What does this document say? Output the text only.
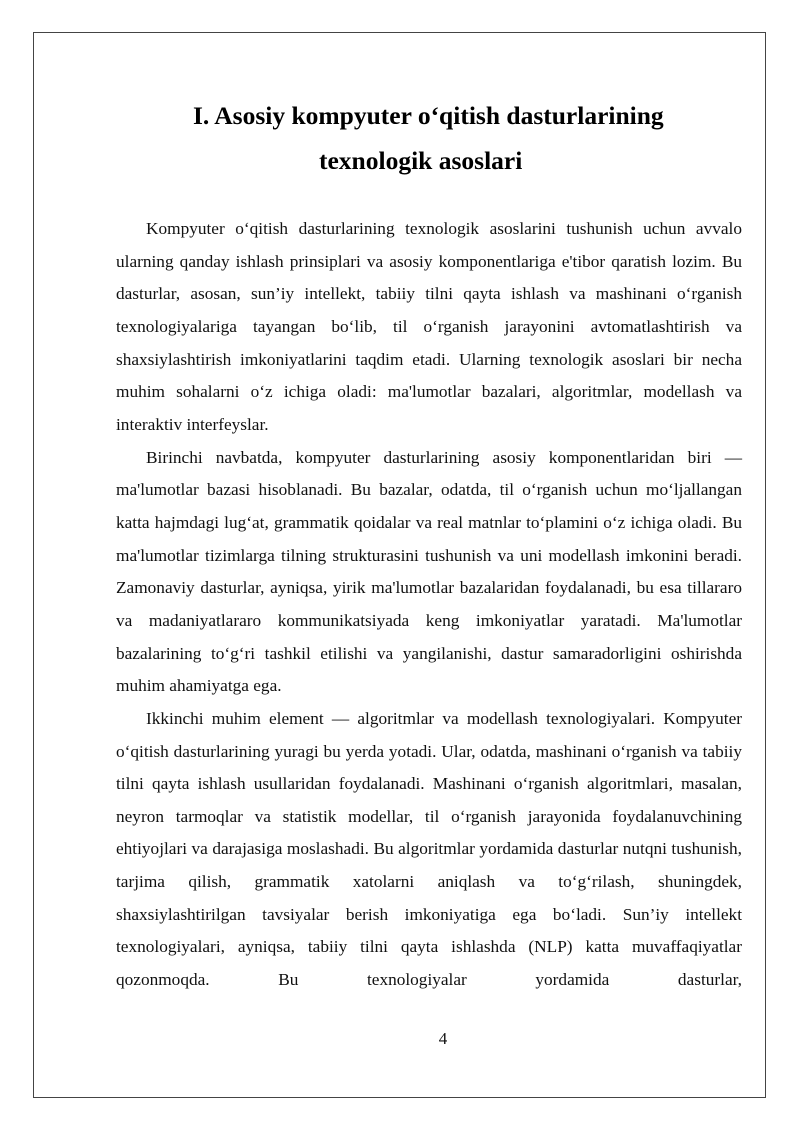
I. Asosiy kompyuter o‘qitish dasturlarining
texnologik asoslari

Kompyuter o‘qitish dasturlarining texnologik asoslarini tushunish uchun avvalo ularning qanday ishlash prinsiplari va asosiy komponentlariga e'tibor qaratish lozim. Bu dasturlar, asosan, sun’iy intellekt, tabiiy tilni qayta ishlash va mashinani o‘rganish texnologiyalariga tayangan bo‘lib, til o‘rganish jarayonini avtomatlashtirish va shaxsiylashtirish imkoniyatlarini taqdim etadi. Ularning texnologik asoslari bir necha muhim sohalarni o‘z ichiga oladi: ma'lumotlar bazalari, algoritmlar, modellash va interaktiv interfeyslar.

Birinchi navbatda, kompyuter dasturlarining asosiy komponentlaridan biri — ma'lumotlar bazasi hisoblanadi. Bu bazalar, odatda, til o‘rganish uchun mo‘ljallangan katta hajmdagi lug‘at, grammatik qoidalar va real matnlar to‘plamini o‘z ichiga oladi. Bu ma'lumotlar tizimlarga tilning strukturasini tushunish va uni modellash imkonini beradi. Zamonaviy dasturlar, ayniqsa, yirik ma'lumotlar bazalaridan foydalanadi, bu esa tillararo va madaniyatlararo kommunikatsiyada keng imkoniyatlar yaratadi. Ma'lumotlar bazalarining to‘g‘ri tashkil etilishi va yangilanishi, dastur samaradorligini oshirishda muhim ahamiyatga ega.

Ikkinchi muhim element — algoritmlar va modellash texnologiyalari. Kompyuter o‘qitish dasturlarining yuragi bu yerda yotadi. Ular, odatda, mashinani o‘rganish va tabiiy tilni qayta ishlash usullaridan foydalanadi. Mashinani o‘rganish algoritmlari, masalan, neyron tarmoqlar va statistik modellar, til o‘rganish jarayonida foydalanuvchining ehtiyojlari va darajasiga moslashadi. Bu algoritmlar yordamida dasturlar nutqni tushunish, tarjima qilish, grammatik xatolarni aniqlash va to‘g‘rilash, shuningdek, shaxsiylashtirilgan tavsiyalar berish imkoniyatiga ega bo‘ladi. Sun’iy intellekt texnologiyalari, ayniqsa, tabiiy tilni qayta ishlashda (NLP) katta muvaffaqiyatlar qozonmoqda. Bu texnologiyalar yordamida dasturlar,

4
